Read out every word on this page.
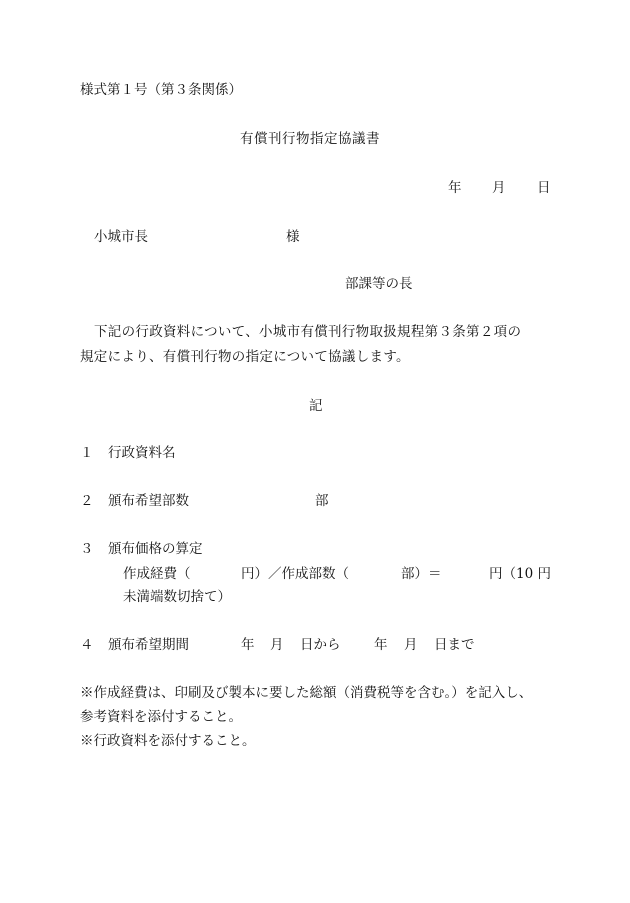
様式第１号（第３条関係）
有償刊行物指定協議書
年 月 日
小城市長	様
部課等の長
下記の行政資料について、小城市有償刊行物取扱規程第３条第２項の
規定により、有償刊行物の指定について協議します。
記
１ 行政資料名
２ 頒布希望部数	部
３ 頒布価格の算定
作成経費（	円）／作成部数（	部）＝	円（10 円
未満端数切捨て）
４ 頒布希望期間	年 月 日から 年 月 日まで
※作成経費は、印刷及び製本に要した総額（消費税等を含む。）を記入し、
参考資料を添付すること。
※行政資料を添付すること。
